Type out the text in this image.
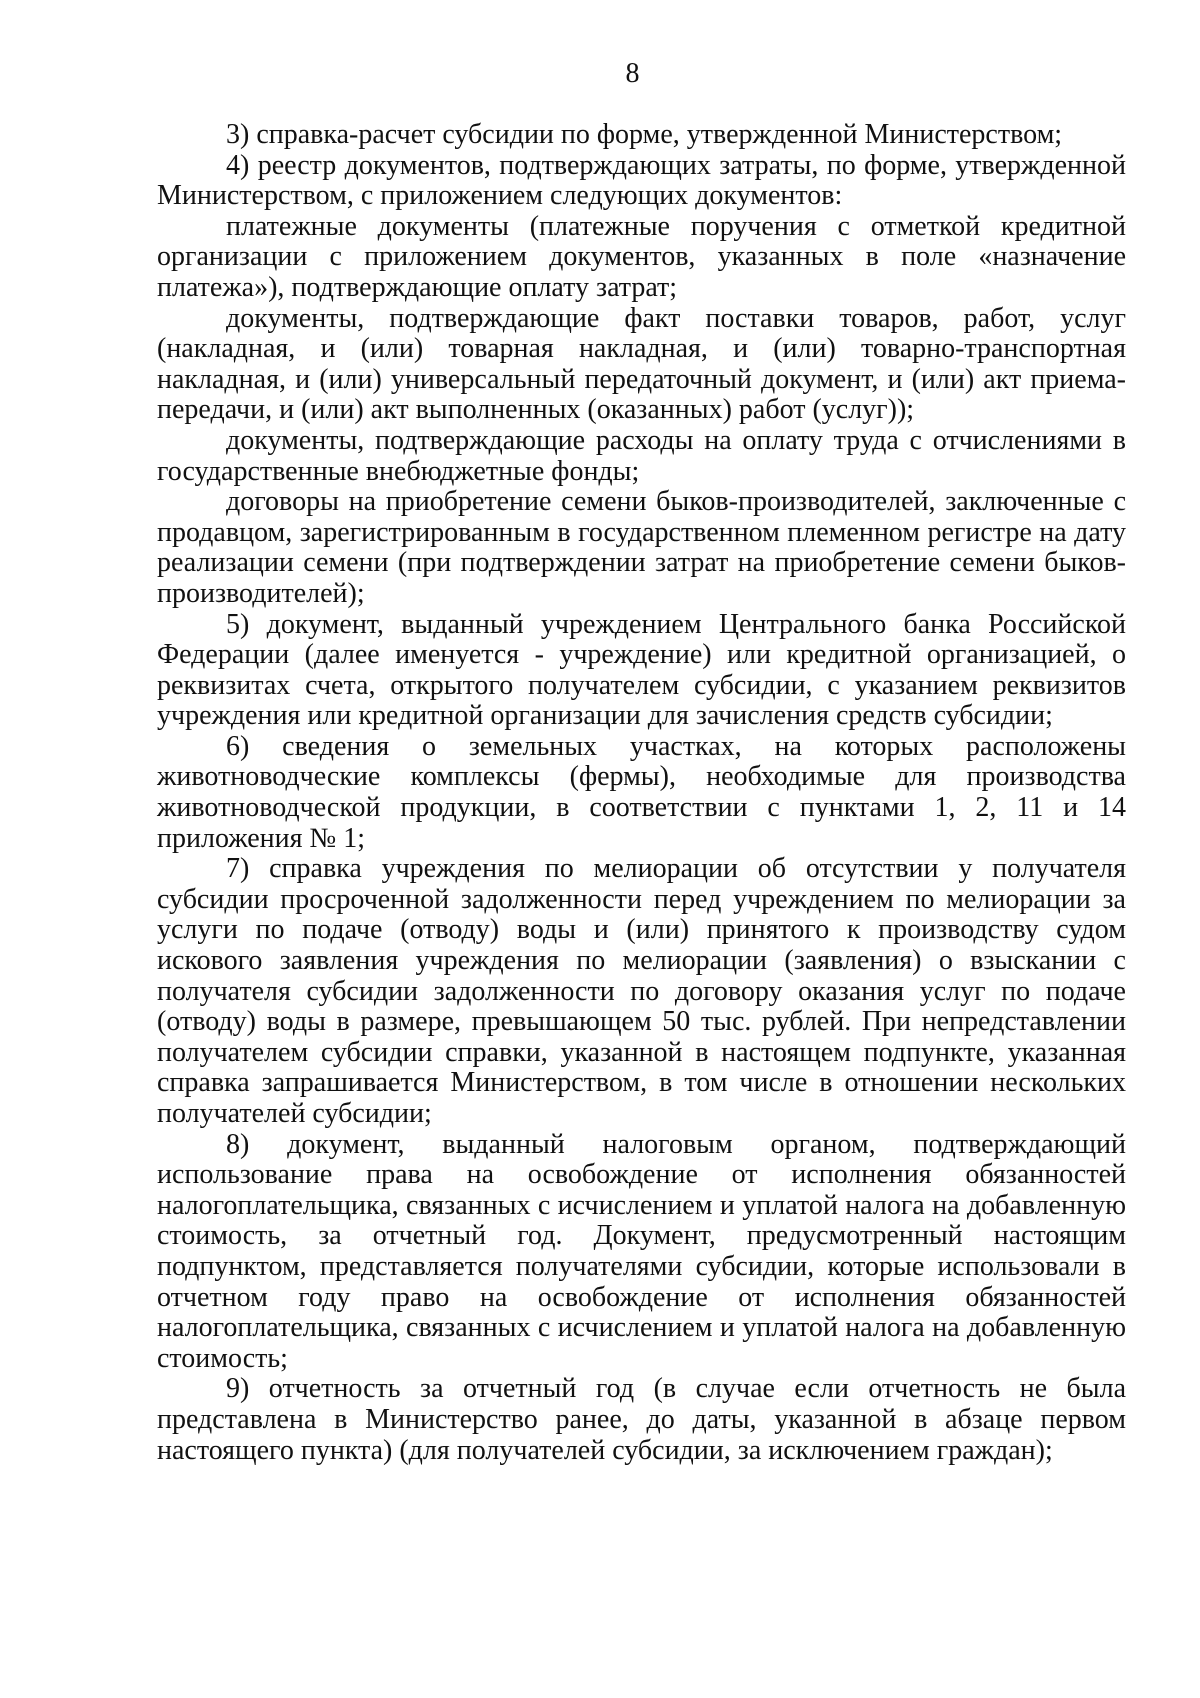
8

3) справка-расчет субсидии по форме, утвержденной Министерством;

4) реестр документов, подтверждающих затраты, по форме, утвержденной Министерством, с приложением следующих документов:

платежные документы (платежные поручения с отметкой кредитной организации с приложением документов, указанных в поле «назначение платежа»), подтверждающие оплату затрат;

документы, подтверждающие факт поставки товаров, работ, услуг (накладная, и (или) товарная накладная, и (или) товарно-транспортная накладная, и (или) универсальный передаточный документ, и (или) акт приема-передачи, и (или) акт выполненных (оказанных) работ (услуг));

документы, подтверждающие расходы на оплату труда с отчислениями в государственные внебюджетные фонды;

договоры на приобретение семени быков-производителей, заключенные с продавцом, зарегистрированным в государственном племенном регистре на дату реализации семени (при подтверждении затрат на приобретение семени быков-производителей);

5) документ, выданный учреждением Центрального банка Российской Федерации (далее именуется - учреждение) или кредитной организацией, о реквизитах счета, открытого получателем субсидии, с указанием реквизитов учреждения или кредитной организации для зачисления средств субсидии;

6) сведения о земельных участках, на которых расположены животноводческие комплексы (фермы), необходимые для производства животноводческой продукции, в соответствии с пунктами 1, 2, 11 и 14 приложения № 1;

7) справка учреждения по мелиорации об отсутствии у получателя субсидии просроченной задолженности перед учреждением по мелиорации за услуги по подаче (отводу) воды и (или) принятого к производству судом искового заявления учреждения по мелиорации (заявления) о взыскании с получателя субсидии задолженности по договору оказания услуг по подаче (отводу) воды в размере, превышающем 50 тыс. рублей. При непредставлении получателем субсидии справки, указанной в настоящем подпункте, указанная справка запрашивается Министерством, в том числе в отношении нескольких получателей субсидии;

8) документ, выданный налоговым органом, подтверждающий использование права на освобождение от исполнения обязанностей налогоплательщика, связанных с исчислением и уплатой налога на добавленную стоимость, за отчетный год. Документ, предусмотренный настоящим подпунктом, представляется получателями субсидии, которые использовали в отчетном году право на освобождение от исполнения обязанностей налогоплательщика, связанных с исчислением и уплатой налога на добавленную стоимость;

9) отчетность за отчетный год (в случае если отчетность не была представлена в Министерство ранее, до даты, указанной в абзаце первом настоящего пункта) (для получателей субсидии, за исключением граждан);
